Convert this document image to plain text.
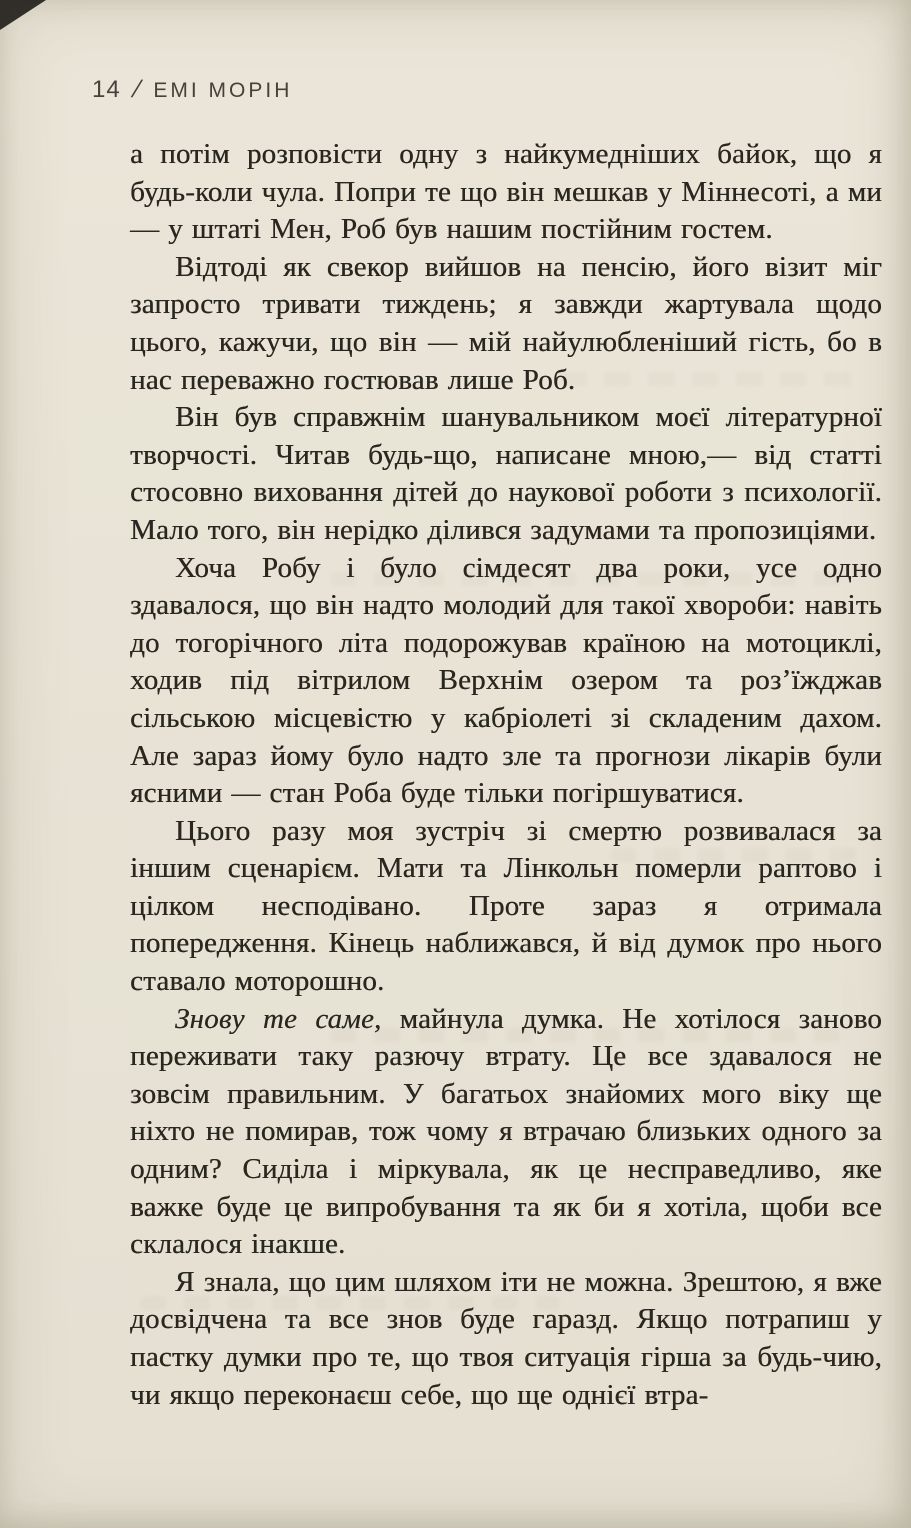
14 / ЕМІ МОРІН

а потім розповісти одну з найкумедніших байок, що я будь-коли чула. Попри те що він мешкав у Міннесоті, а ми — у штаті Мен, Роб був нашим постійним гостем.

Відтоді як свекор вийшов на пенсію, його візит міг запросто тривати тиждень; я завжди жартувала щодо цього, кажучи, що він — мій найулюбленіший гість, бо в нас переважно гостював лише Роб.

Він був справжнім шанувальником моєї літературної творчості. Читав будь-що, написане мною,— від статті стосовно виховання дітей до наукової роботи з психології. Мало того, він нерідко ділився задумами та пропозиціями.

Хоча Робу і було сімдесят два роки, усе одно здавалося, що він надто молодий для такої хвороби: навіть до тогорічного літа подорожував країною на мотоциклі, ходив під вітрилом Верхнім озером та роз’їжджав сільською місцевістю у кабріолеті зі складеним дахом. Але зараз йому було надто зле та прогнози лікарів були ясними — стан Роба буде тільки погіршуватися.

Цього разу моя зустріч зі смертю розвивалася за іншим сценарієм. Мати та Лінкольн померли раптово і цілком несподівано. Проте зараз я отримала попередження. Кінець наближався, й від думок про нього ставало моторошно.

Знову те саме, майнула думка. Не хотілося заново переживати таку разючу втрату. Це все здавалося не зовсім правильним. У багатьох знайомих мого віку ще ніхто не помирав, тож чому я втрачаю близьких одного за одним? Сиділа і міркувала, як це несправедливо, яке важке буде це випробування та як би я хотіла, щоби все склалося інакше.

Я знала, що цим шляхом іти не можна. Зрештою, я вже досвідчена та все знов буде гаразд. Якщо потрапиш у пастку думки про те, що твоя ситуація гірша за будь-чию, чи якщо переконаєш себе, що ще однієї втра-
